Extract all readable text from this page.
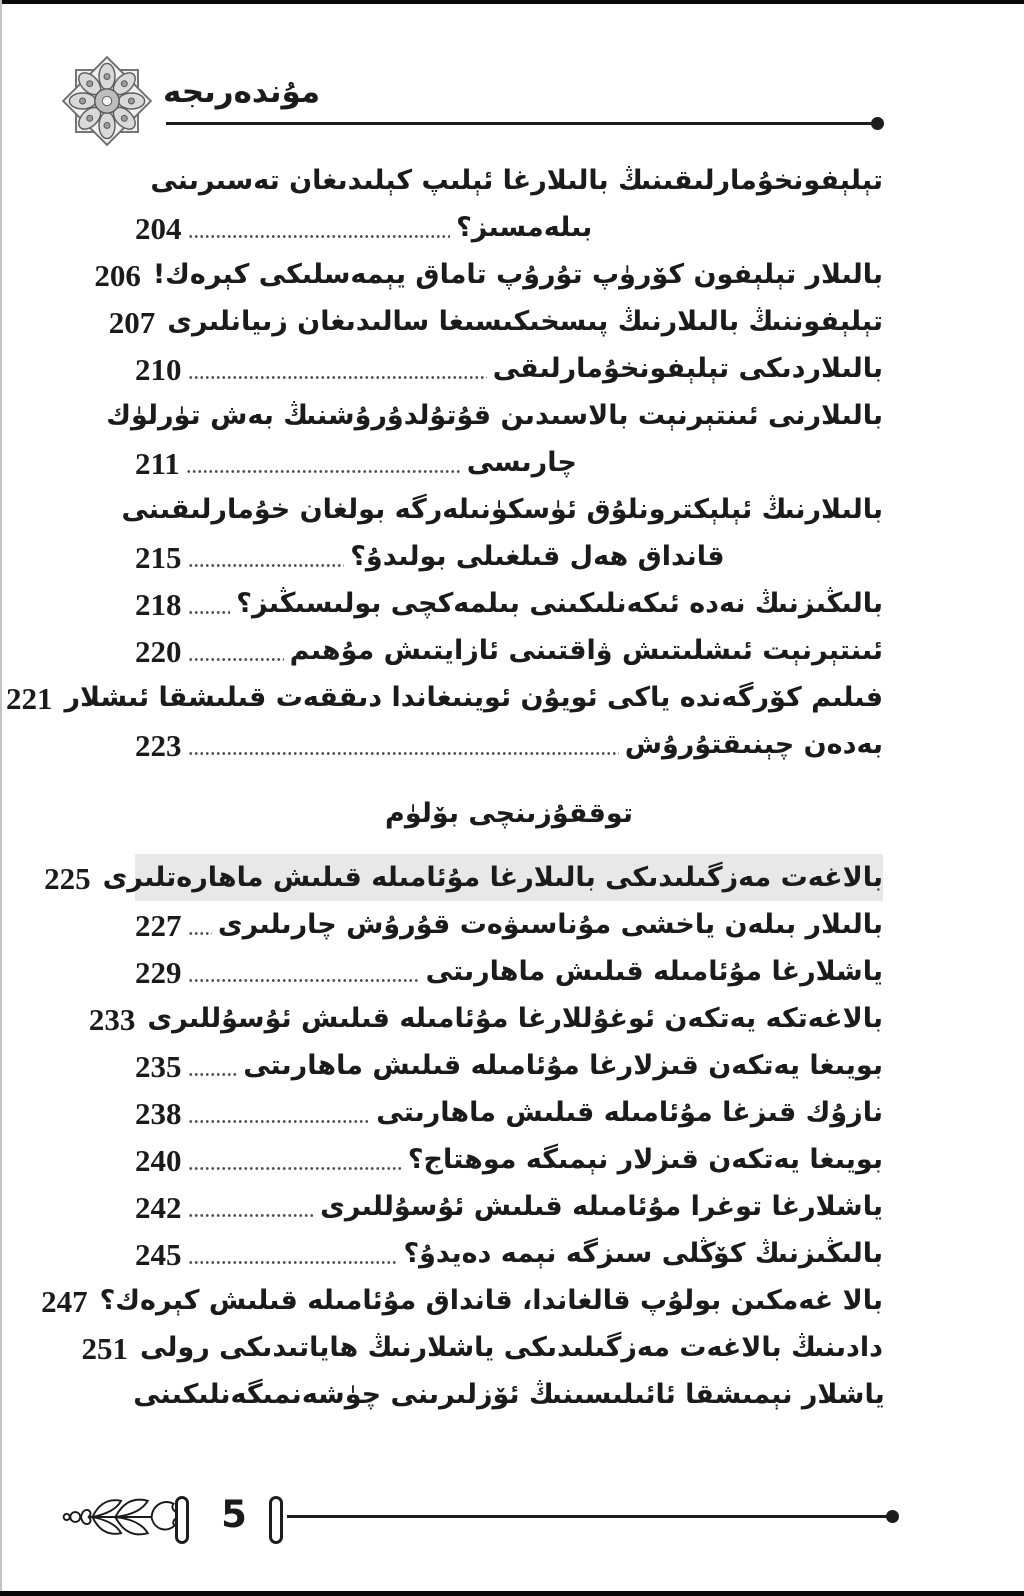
مۇندەرىجە
تېلېفونخۇمارلىقىنىڭ بالىلارغا ئېلىپ كېلىدىغان تەسىرىنى
بىلەمسىز؟
204
بالىلار تېلېفون كۆرۈپ تۇرۇپ تاماق يېمەسلىكى كېرەك!
206
تېلېفوننىڭ بالىلارنىڭ پىسخىكىسىغا سالىدىغان زىيانلىرى
207
بالىلاردىكى تېلېفونخۇمارلىقى
210
بالىلارنى ئىنتېرنېت بالاسىدىن قۇتۇلدۇرۇشنىڭ بەش تۈرلۈك
چارىسى
211
بالىلارنىڭ ئېلېكترونلۇق ئۈسكۈنىلەرگە بولغان خۇمارلىقىنى
قانداق ھەل قىلغىلى بولىدۇ؟
215
بالىڭىزنىڭ نەدە ئىكەنلىكىنى بىلمەكچى بولىسىڭىز؟
218
ئىنتېرنېت ئىشلىتىش ۋاقتىنى ئازايتىش مۇھىم
220
فىلىم كۆرگەندە ياكى ئويۇن ئوينىغاندا دىققەت قىلىشقا ئىشلار
221
بەدەن چېنىقتۇرۇش
223
توققۇزىنچى بۆلۈم
بالاغەت مەزگىلىدىكى بالىلارغا مۇئامىلە قىلىش ماھارەتلىرى
225
بالىلار بىلەن ياخشى مۇناسىۋەت قۇرۇش چارىلىرى
227
ياشلارغا مۇئامىلە قىلىش ماھارىتى
229
بالاغەتكە يەتكەن ئوغۇللارغا مۇئامىلە قىلىش ئۇسۇللىرى
233
بويىغا يەتكەن قىزلارغا مۇئامىلە قىلىش ماھارىتى
235
نازۇك قىزغا مۇئامىلە قىلىش ماھارىتى
238
بويىغا يەتكەن قىزلار نېمىگە موھتاج؟
240
ياشلارغا توغرا مۇئامىلە قىلىش ئۇسۇللىرى
242
بالىڭىزنىڭ كۆڭلى سىزگە نېمە دەيدۇ؟
245
بالا غەمكىن بولۇپ قالغاندا، قانداق مۇئامىلە قىلىش كېرەك؟
247
دادىنىڭ بالاغەت مەزگىلىدىكى ياشلارنىڭ ھاياتىدىكى رولى
251
ياشلار نېمىشقا ئائىلىسىنىڭ ئۆزلىرىنى چۈشەنمىگەنلىكىنى
5
